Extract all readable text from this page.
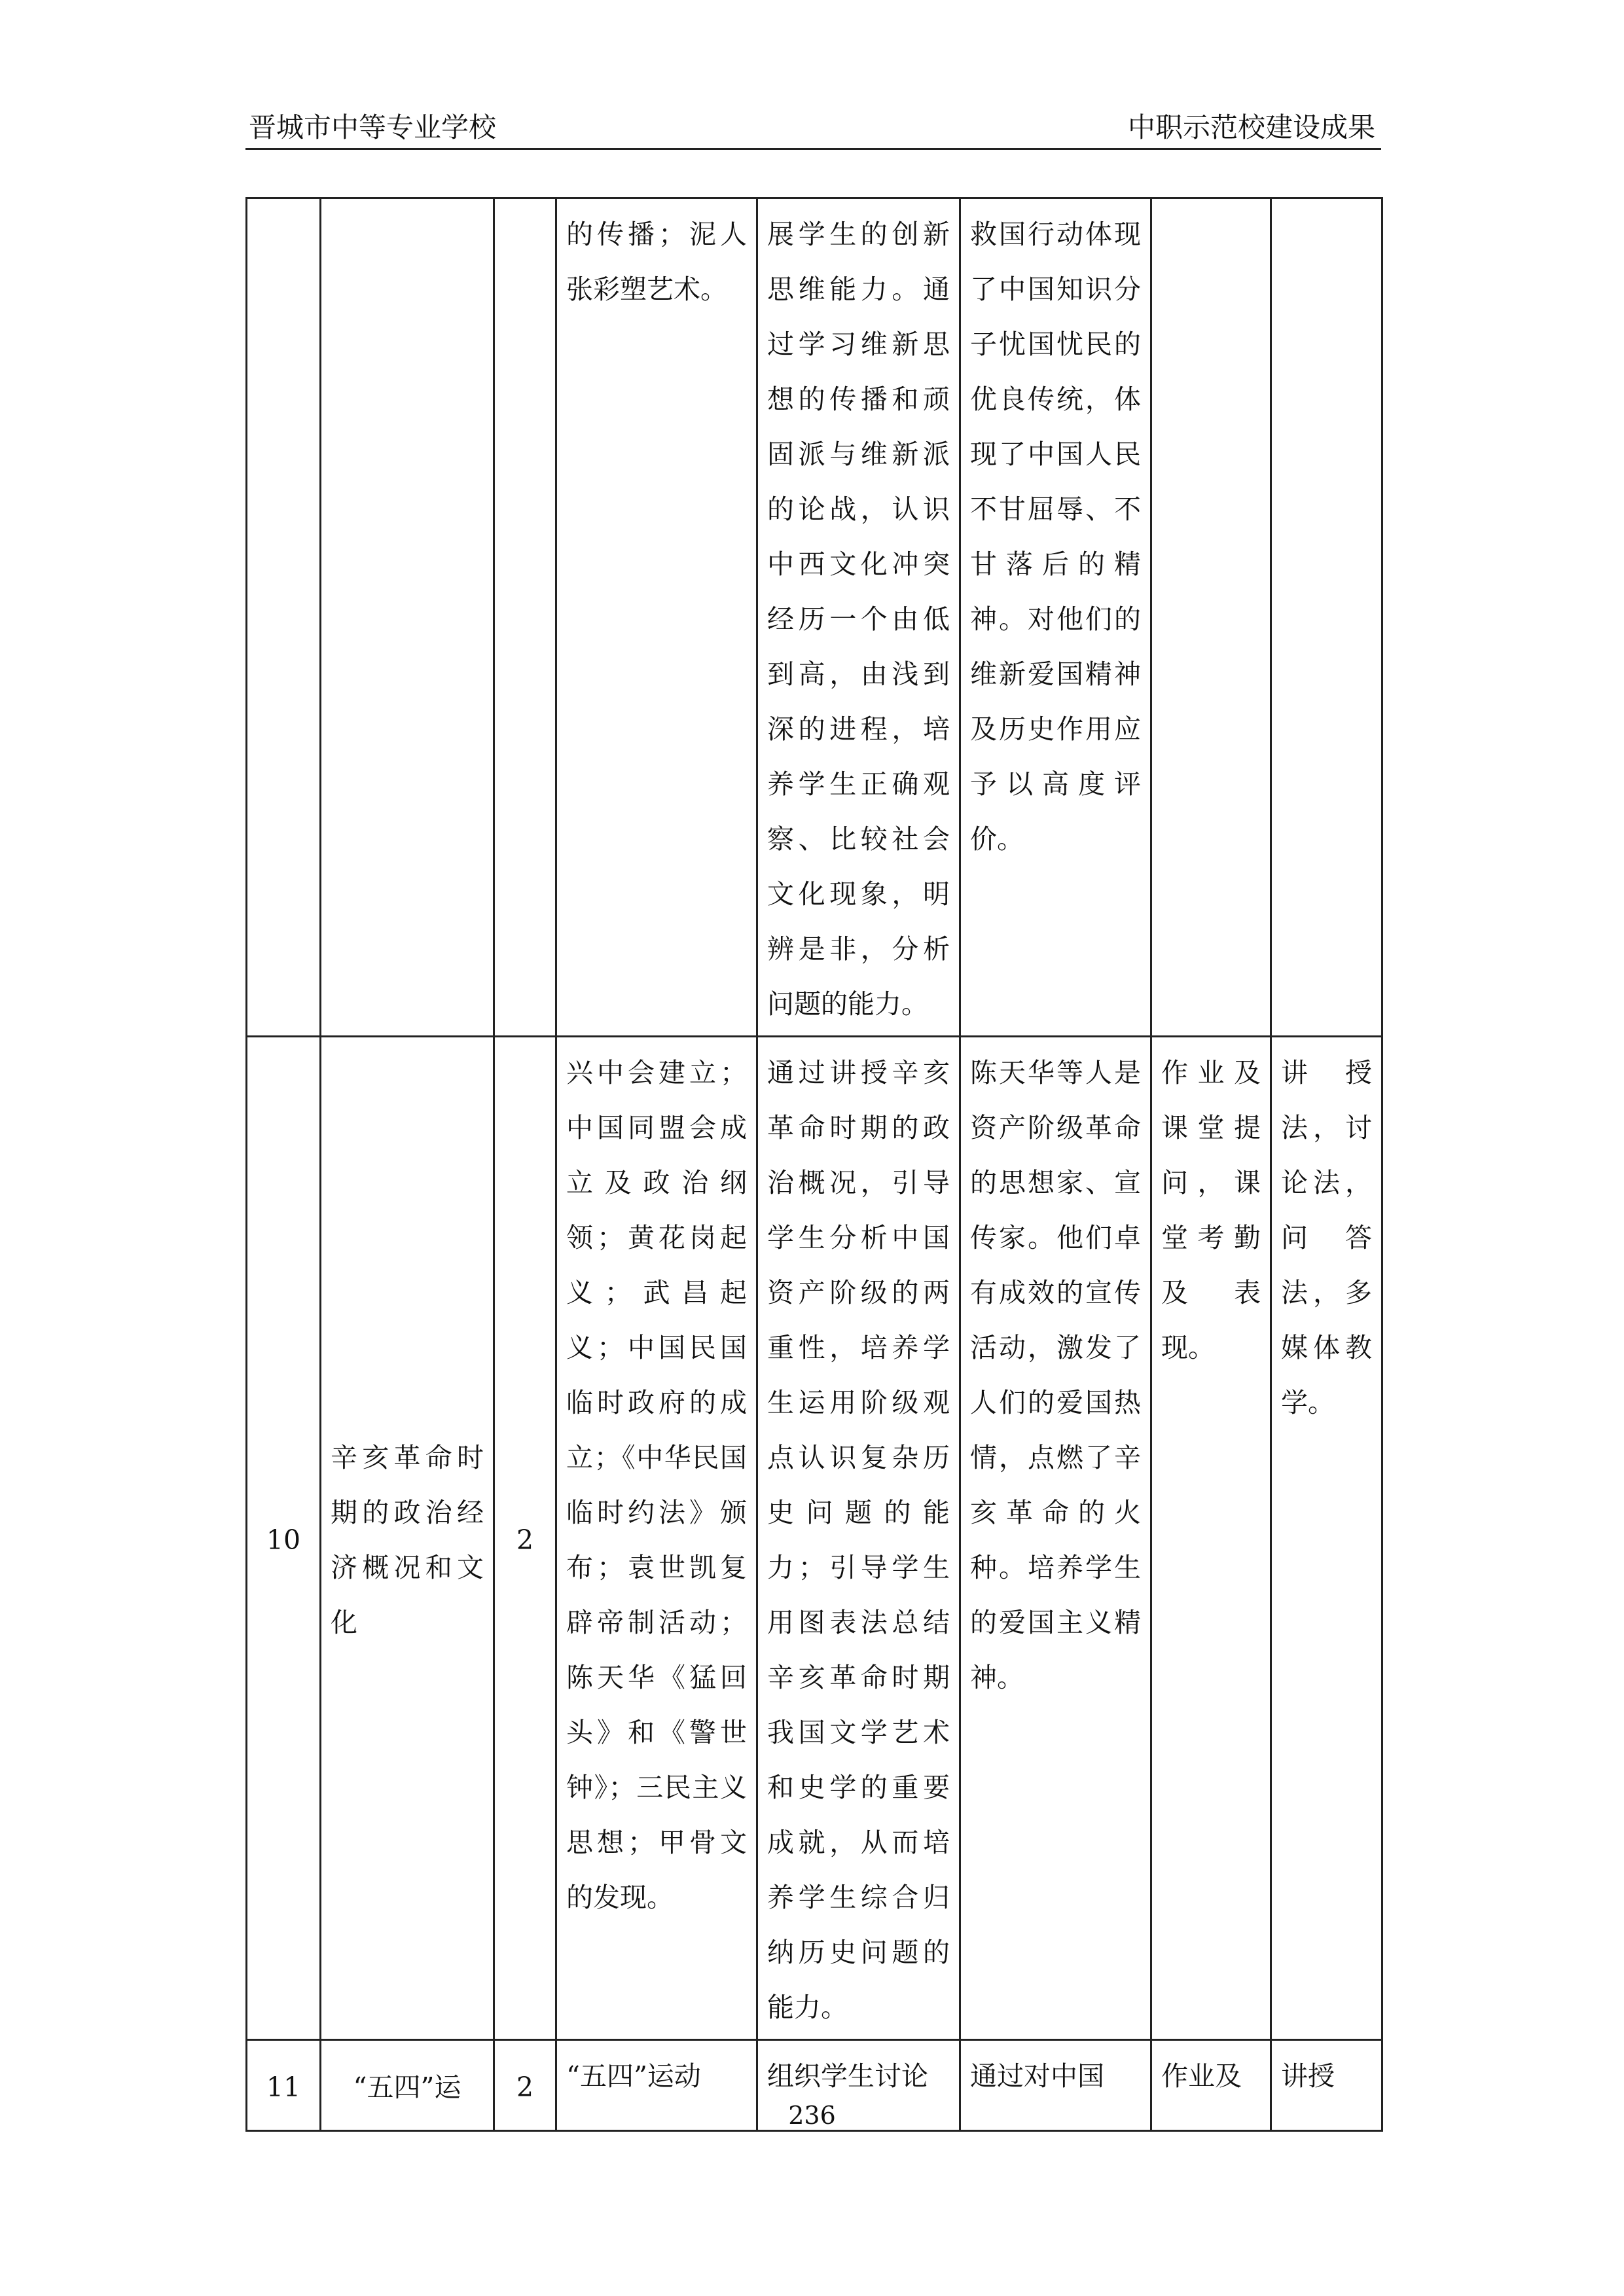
晋城市中等专业学校	中职示范校建设成果
			的传播；泥人张彩塑艺术。	展学生的创新思维能力。通过学习维新思想的传播和顽固派与维新派的论战，认识中西文化冲突经历一个由低到高，由浅到深的进程，培养学生正确观察、比较社会文化现象，明辨是非，分析问题的能力。	救国行动体现了中国知识分子忧国忧民的优良传统，体现了中国人民不甘屈辱、不甘落后的精神。对他们的维新爱国精神及历史作用应予以高度评价。		
10	辛亥革命时期的政治经济概况和文化	2	兴中会建立；中国同盟会成立及政治纲领；黄花岗起义；武昌起义；中国民国临时政府的成立；《中华民国临时约法》颁布；袁世凯复辟帝制活动；陈天华《猛回头》和《警世钟》；三民主义思想；甲骨文的发现。	通过讲授辛亥革命时期的政治概况，引导学生分析中国资产阶级的两重性，培养学生运用阶级观点认识复杂历史问题的能力；引导学生用图表法总结辛亥革命时期我国文学艺术和史学的重要成就，从而培养学生综合归纳历史问题的能力。	陈天华等人是资产阶级革命的思想家、宣传家。他们卓有成效的宣传活动，激发了人们的爱国热情，点燃了辛亥革命的火种。培养学生的爱国主义精神。	作业及课堂提问，课堂考勤及表现。	讲授法，讨论法，问答法，多媒体教学。
11	“五四”运	2	“五四”运动	组织学生讨论	通过对中国	作业及	讲授
236
